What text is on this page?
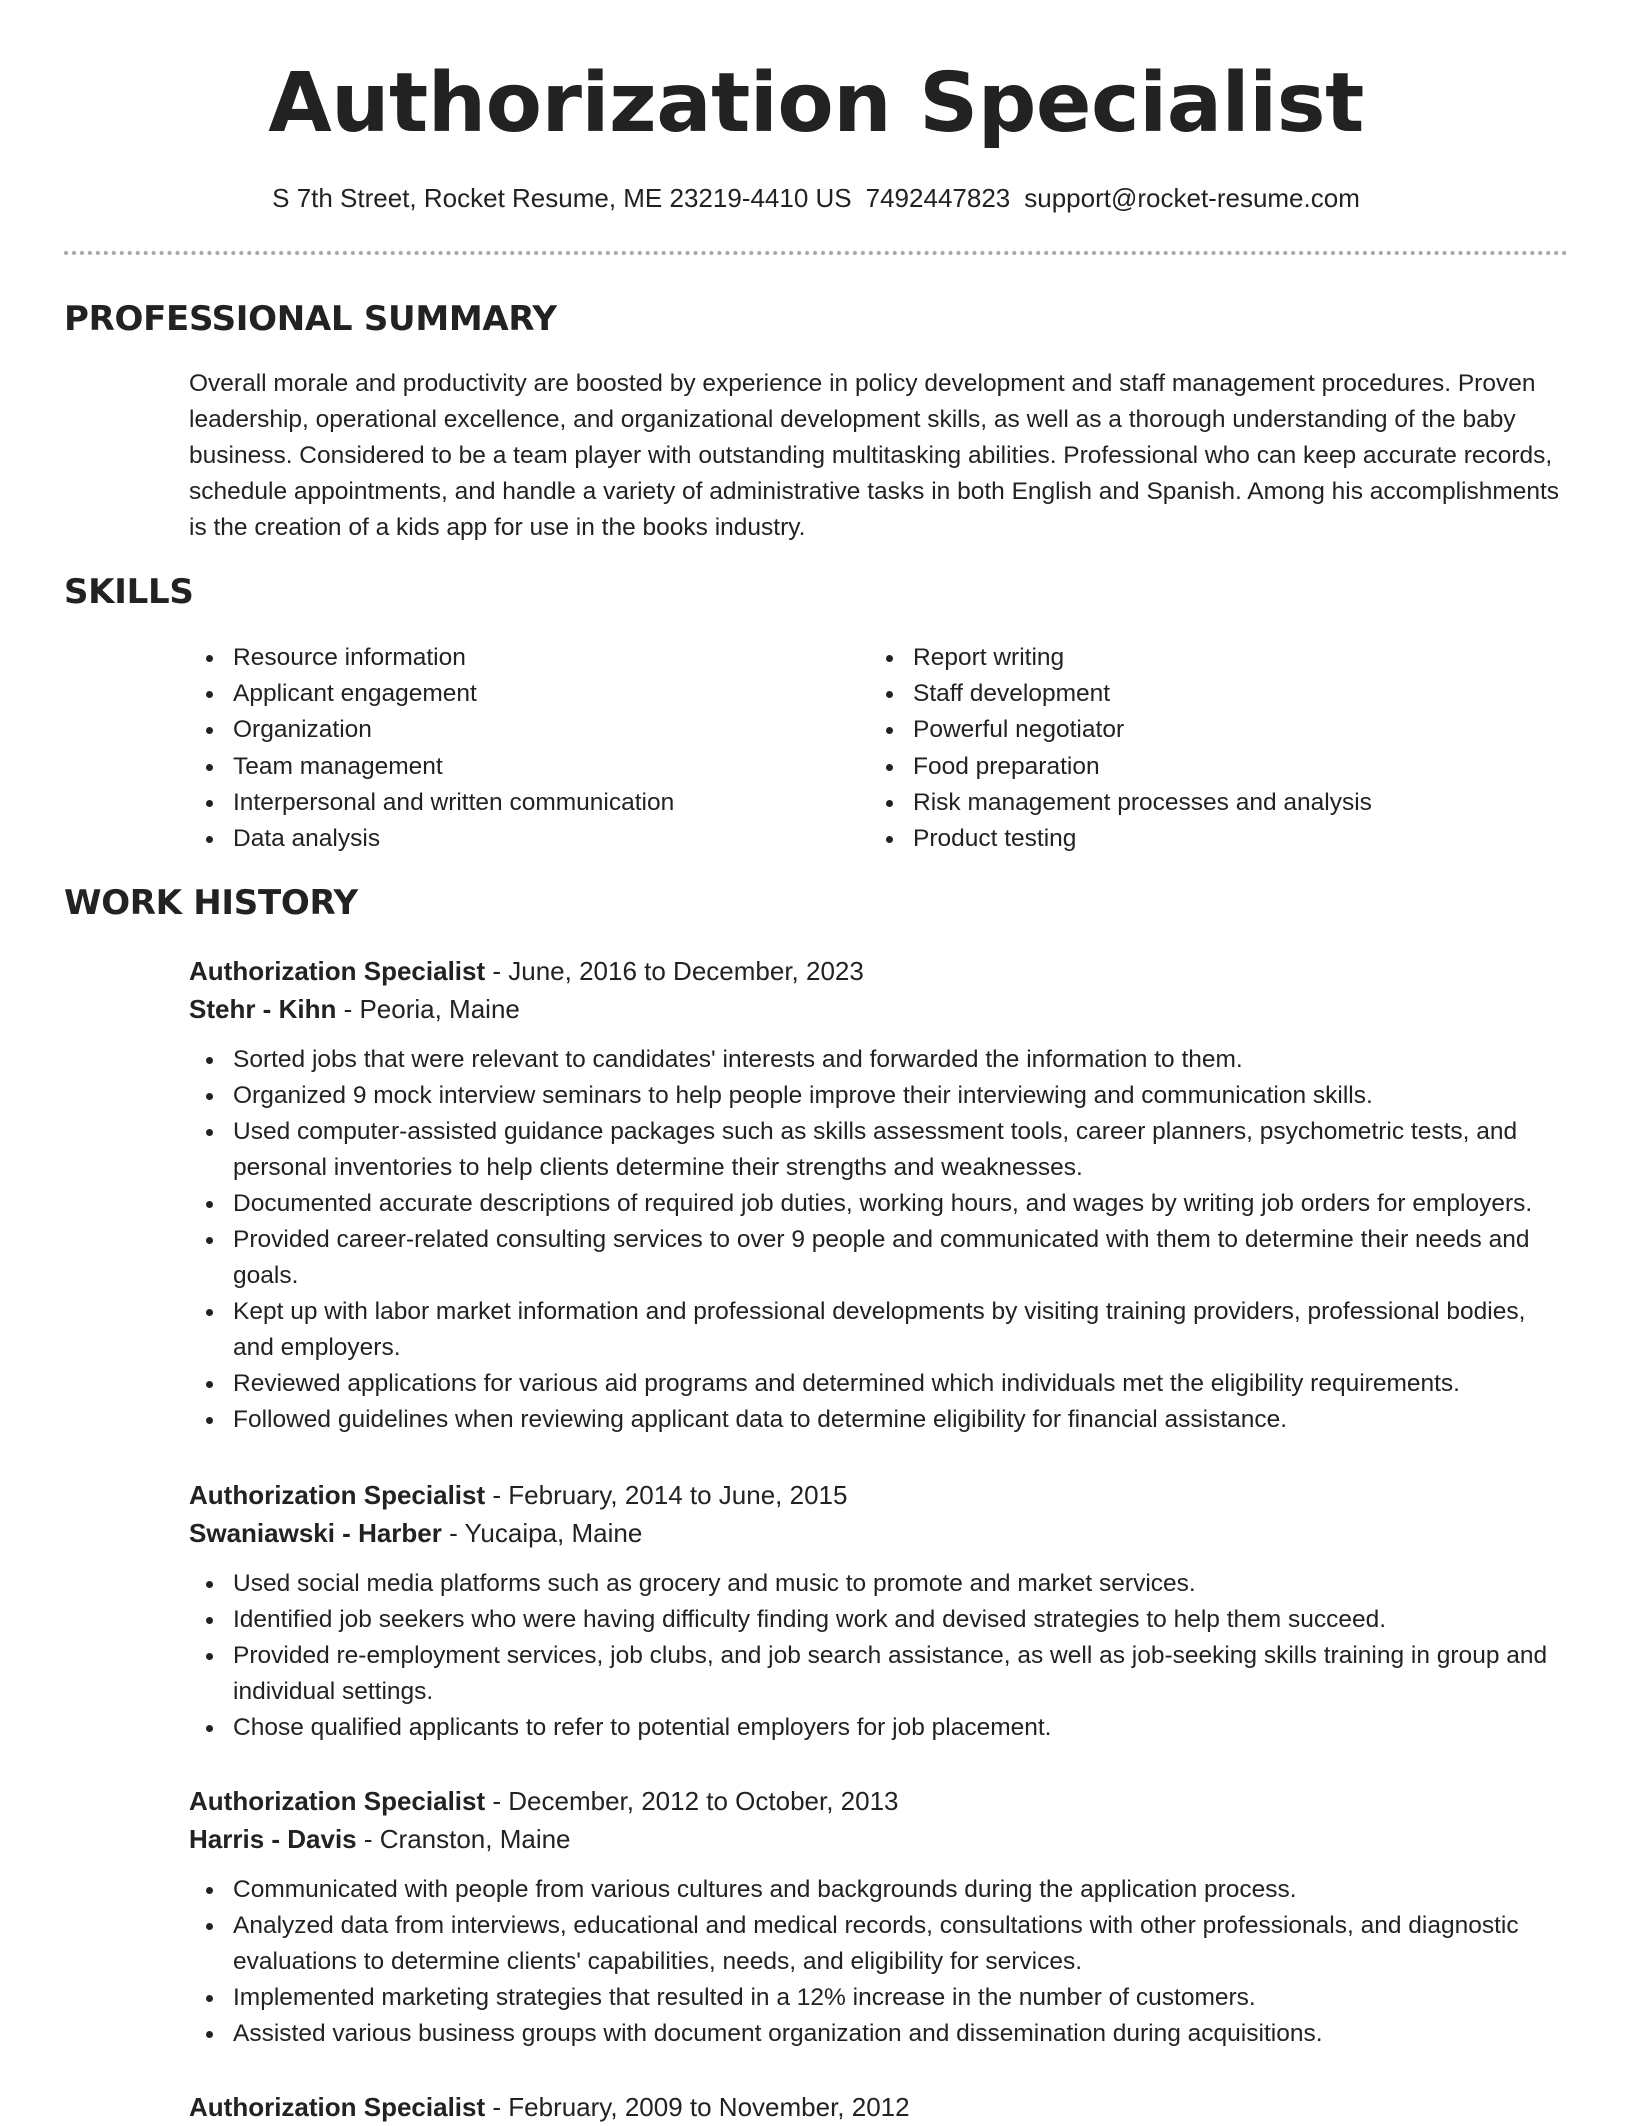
Authorization Specialist
S 7th Street, Rocket Resume, ME 23219-4410 US 7492447823 support@rocket-resume.com
PROFESSIONAL SUMMARY

Overall morale and productivity are boosted by experience in policy development and staff management procedures. Proven leadership, operational excellence, and organizational development skills, as well as a thorough understanding of the baby business. Considered to be a team player with outstanding multitasking abilities. Professional who can keep accurate records, schedule appointments, and handle a variety of administrative tasks in both English and Spanish. Among his accomplishments is the creation of a kids app for use in the books industry.

SKILLS
Resource information
Applicant engagement
Organization
Team management
Interpersonal and written communication
Data analysis
Report writing
Staff development
Powerful negotiator
Food preparation
Risk management processes and analysis
Product testing
WORK HISTORY
Authorization Specialist - June, 2016 to December, 2023
Stehr - Kihn - Peoria, Maine
Sorted jobs that were relevant to candidates' interests and forwarded the information to them.
Organized 9 mock interview seminars to help people improve their interviewing and communication skills.
Used computer-assisted guidance packages such as skills assessment tools, career planners, psychometric tests, and personal inventories to help clients determine their strengths and weaknesses.
Documented accurate descriptions of required job duties, working hours, and wages by writing job orders for employers.
Provided career-related consulting services to over 9 people and communicated with them to determine their needs and goals.
Kept up with labor market information and professional developments by visiting training providers, professional bodies, and employers.
Reviewed applications for various aid programs and determined which individuals met the eligibility requirements.
Followed guidelines when reviewing applicant data to determine eligibility for financial assistance.
Authorization Specialist - February, 2014 to June, 2015
Swaniawski - Harber - Yucaipa, Maine
Used social media platforms such as grocery and music to promote and market services.
Identified job seekers who were having difficulty finding work and devised strategies to help them succeed.
Provided re-employment services, job clubs, and job search assistance, as well as job-seeking skills training in group and individual settings.
Chose qualified applicants to refer to potential employers for job placement.
Authorization Specialist - December, 2012 to October, 2013
Harris - Davis - Cranston, Maine
Communicated with people from various cultures and backgrounds during the application process.
Analyzed data from interviews, educational and medical records, consultations with other professionals, and diagnostic evaluations to determine clients' capabilities, needs, and eligibility for services.
Implemented marketing strategies that resulted in a 12% increase in the number of customers.
Assisted various business groups with document organization and dissemination during acquisitions.
Authorization Specialist - February, 2009 to November, 2012
